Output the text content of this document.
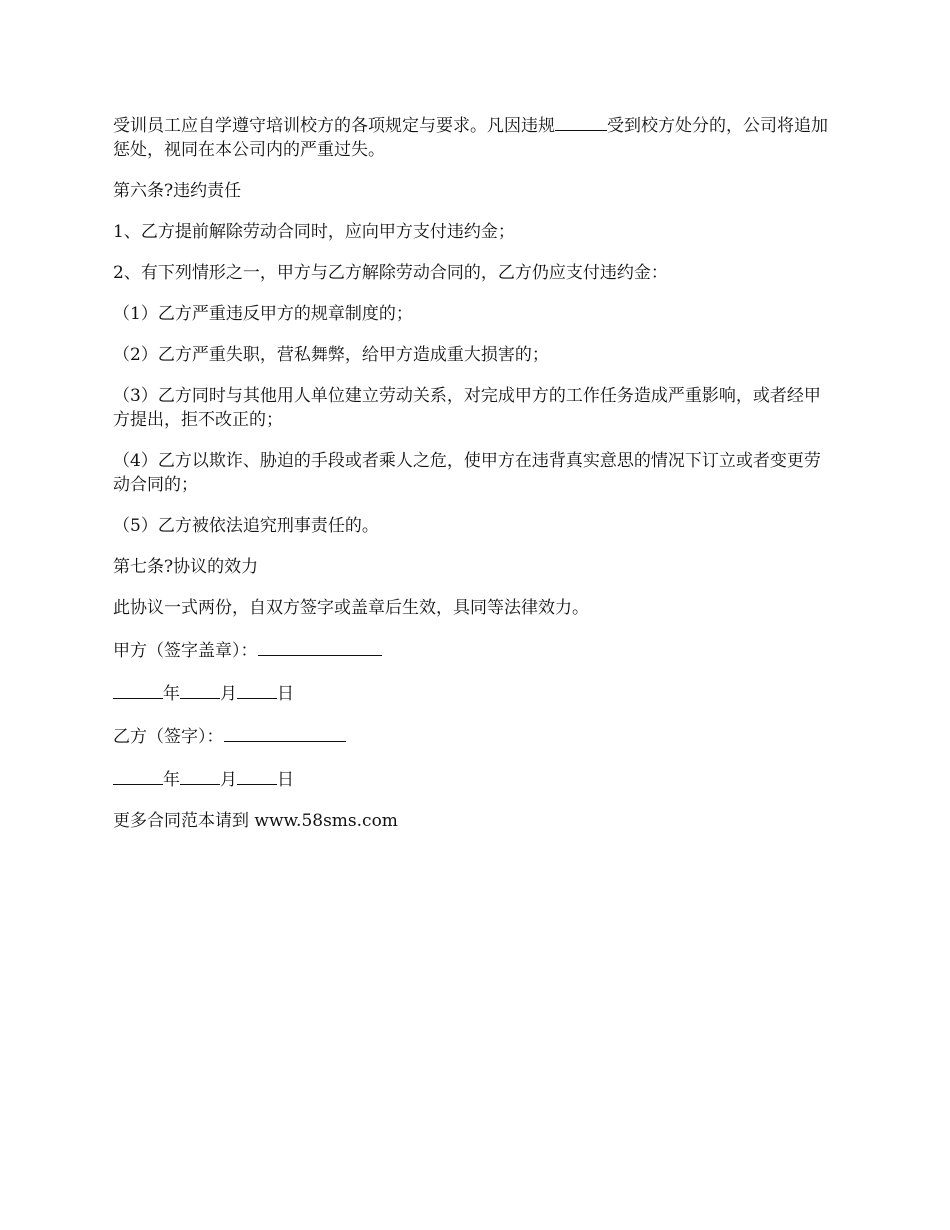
受训员工应自学遵守培训校方的各项规定与要求。凡因违规	受到校方处分的，公司将追加惩处，视同在本公司内的严重过失。

第六条?违约责任

1、乙方提前解除劳动合同时，应向甲方支付违约金；

2、有下列情形之一，甲方与乙方解除劳动合同的，乙方仍应支付违约金：

（1）乙方严重违反甲方的规章制度的；

（2）乙方严重失职，营私舞弊，给甲方造成重大损害的；

（3）乙方同时与其他用人单位建立劳动关系，对完成甲方的工作任务造成严重影响，或者经甲方提出，拒不改正的；

（4）乙方以欺诈、胁迫的手段或者乘人之危，使甲方在违背真实意思的情况下订立或者变更劳动合同的；

（5）乙方被依法追究刑事责任的。

第七条?协议的效力

此协议一式两份，自双方签字或盖章后生效，具同等法律效力。

甲方（签字盖章）：

年 月 日

乙方（签字）：

年 月 日

更多合同范本请到 www.58sms.com
